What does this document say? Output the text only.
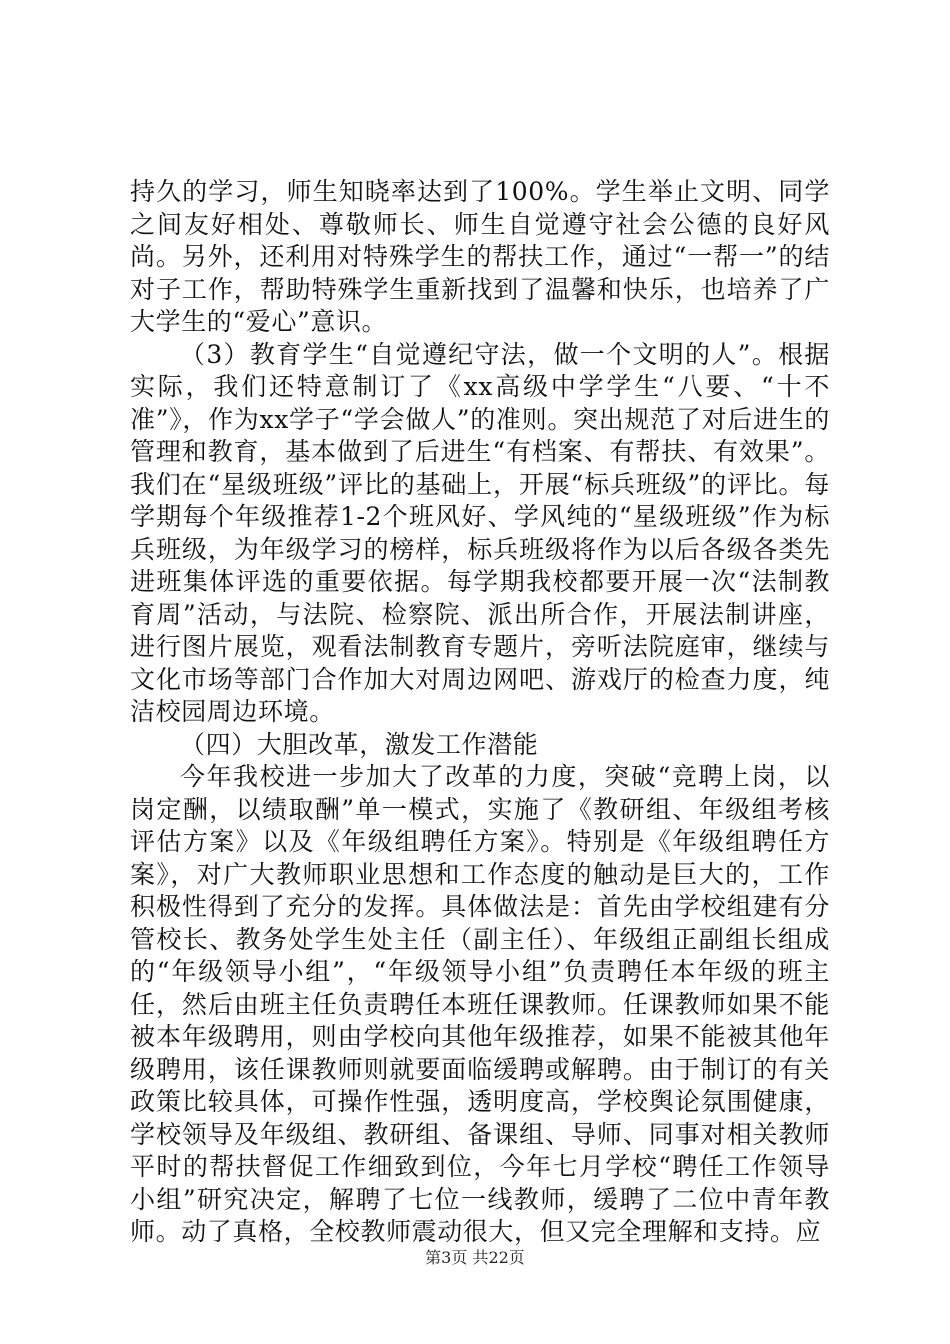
持久的学习，师生知晓率达到了100%。学生举止文明、同学之间友好相处、尊敬师长、师生自觉遵守社会公德的良好风尚。另外，还利用对特殊学生的帮扶工作，通过“一帮一”的结对子工作，帮助特殊学生重新找到了温馨和快乐，也培养了广大学生的“爱心”意识。

（3）教育学生“自觉遵纪守法，做一个文明的人”。根据实际，我们还特意制订了《xx高级中学学生“八要、“十不准”》，作为xx学子“学会做人”的准则。突出规范了对后进生的管理和教育，基本做到了后进生“有档案、有帮扶、有效果”。我们在“星级班级”评比的基础上，开展“标兵班级”的评比。每学期每个年级推荐1-2个班风好、学风纯的“星级班级”作为标兵班级，为年级学习的榜样，标兵班级将作为以后各级各类先进班集体评选的重要依据。每学期我校都要开展一次“法制教育周”活动，与法院、检察院、派出所合作，开展法制讲座，进行图片展览，观看法制教育专题片，旁听法院庭审，继续与文化市场等部门合作加大对周边网吧、游戏厅的检查力度，纯洁校园周边环境。

（四）大胆改革，激发工作潜能

今年我校进一步加大了改革的力度，突破“竞聘上岗，以岗定酬，以绩取酬”单一模式，实施了《教研组、年级组考核评估方案》以及《年级组聘任方案》。特别是《年级组聘任方案》，对广大教师职业思想和工作态度的触动是巨大的，工作积极性得到了充分的发挥。具体做法是：首先由学校组建有分管校长、教务处学生处主任（副主任）、年级组正副组长组成的“年级领导小组”，“年级领导小组”负责聘任本年级的班主任，然后由班主任负责聘任本班任课教师。任课教师如果不能被本年级聘用，则由学校向其他年级推荐，如果不能被其他年级聘用，该任课教师则就要面临缓聘或解聘。由于制订的有关政策比较具体，可操作性强，透明度高，学校舆论氛围健康，学校领导及年级组、教研组、备课组、导师、同事对相关教师平时的帮扶督促工作细致到位，今年七月学校“聘任工作领导小组”研究决定，解聘了七位一线教师，缓聘了二位中青年教师。动了真格，全校教师震动很大，但又完全理解和支持。应

第3页 共22页
